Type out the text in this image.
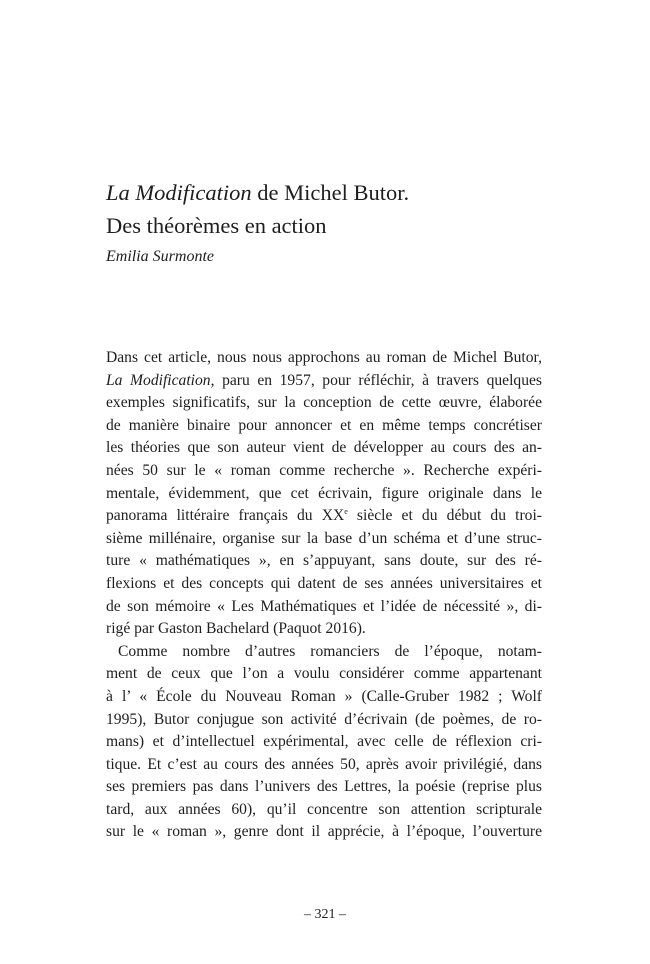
La Modification de Michel Butor.
Des théorèmes en action
Emilia Surmonte

Dans cet article, nous nous approchons au roman de Michel Butor,
La Modification, paru en 1957, pour réfléchir, à travers quelques
exemples significatifs, sur la conception de cette œuvre, élaborée
de manière binaire pour annoncer et en même temps concrétiser
les théories que son auteur vient de développer au cours des an-
nées 50 sur le « roman comme recherche ». Recherche expéri-
mentale, évidemment, que cet écrivain, figure originale dans le
panorama littéraire français du XXe siècle et du début du troi-
sième millénaire, organise sur la base d’un schéma et d’une struc-
ture « mathématiques », en s’appuyant, sans doute, sur des ré-
flexions et des concepts qui datent de ses années universitaires et
de son mémoire « Les Mathématiques et l’idée de nécessité », di-
rigé par Gaston Bachelard (Paquot 2016).

Comme nombre d’autres romanciers de l’époque, notam-
ment de ceux que l’on a voulu considérer comme appartenant
à l’ « École du Nouveau Roman » (Calle-Gruber 1982 ; Wolf
1995), Butor conjugue son activité d’écrivain (de poèmes, de ro-
mans) et d’intellectuel expérimental, avec celle de réflexion cri-
tique. Et c’est au cours des années 50, après avoir privilégié, dans
ses premiers pas dans l’univers des Lettres, la poésie (reprise plus
tard, aux années 60), qu’il concentre son attention scripturale
sur le « roman », genre dont il apprécie, à l’époque, l’ouverture

– 321 –
